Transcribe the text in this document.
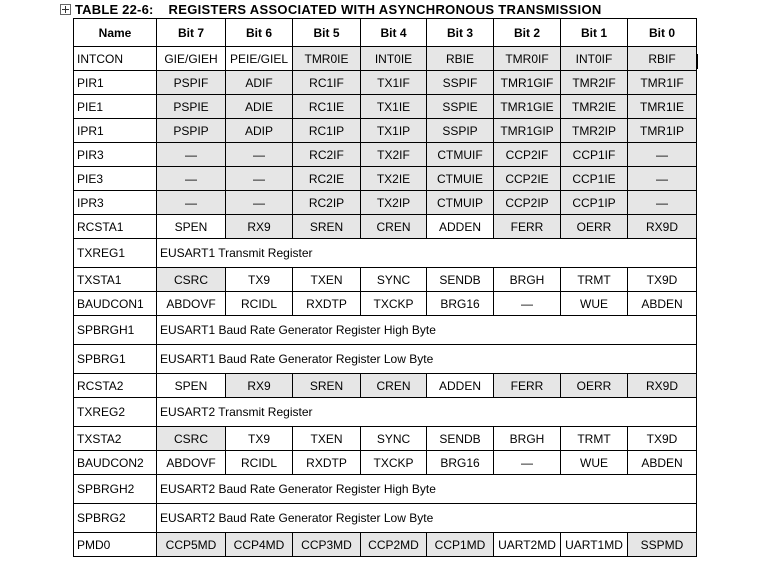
TABLE 22-6: REGISTERS ASSOCIATED WITH ASYNCHRONOUS TRANSMISSION
Name	Bit 7	Bit 6	Bit 5	Bit 4	Bit 3	Bit 2	Bit 1	Bit 0
INTCON	GIE/GIEH	PEIE/GIEL	TMR0IE	INT0IE	RBIE	TMR0IF	INT0IF	RBIF
PIR1	PSPIF	ADIF	RC1IF	TX1IF	SSPIF	TMR1GIF	TMR2IF	TMR1IF
PIE1	PSPIE	ADIE	RC1IE	TX1IE	SSPIE	TMR1GIE	TMR2IE	TMR1IE
IPR1	PSPIP	ADIP	RC1IP	TX1IP	SSPIP	TMR1GIP	TMR2IP	TMR1IP
PIR3	—	—	RC2IF	TX2IF	CTMUIF	CCP2IF	CCP1IF	—
PIE3	—	—	RC2IE	TX2IE	CTMUIE	CCP2IE	CCP1IE	—
IPR3	—	—	RC2IP	TX2IP	CTMUIP	CCP2IP	CCP1IP	—
RCSTA1	SPEN	RX9	SREN	CREN	ADDEN	FERR	OERR	RX9D
TXREG1	EUSART1 Transmit Register							
TXSTA1	CSRC	TX9	TXEN	SYNC	SENDB	BRGH	TRMT	TX9D
BAUDCON1	ABDOVF	RCIDL	RXDTP	TXCKP	BRG16	—	WUE	ABDEN
SPBRGH1	EUSART1 Baud Rate Generator Register High Byte							
SPBRG1	EUSART1 Baud Rate Generator Register Low Byte							
RCSTA2	SPEN	RX9	SREN	CREN	ADDEN	FERR	OERR	RX9D
TXREG2	EUSART2 Transmit Register							
TXSTA2	CSRC	TX9	TXEN	SYNC	SENDB	BRGH	TRMT	TX9D
BAUDCON2	ABDOVF	RCIDL	RXDTP	TXCKP	BRG16	—	WUE	ABDEN
SPBRGH2	EUSART2 Baud Rate Generator Register High Byte							
SPBRG2	EUSART2 Baud Rate Generator Register Low Byte							
PMD0	CCP5MD	CCP4MD	CCP3MD	CCP2MD	CCP1MD	UART2MD	UART1MD	SSPMD
